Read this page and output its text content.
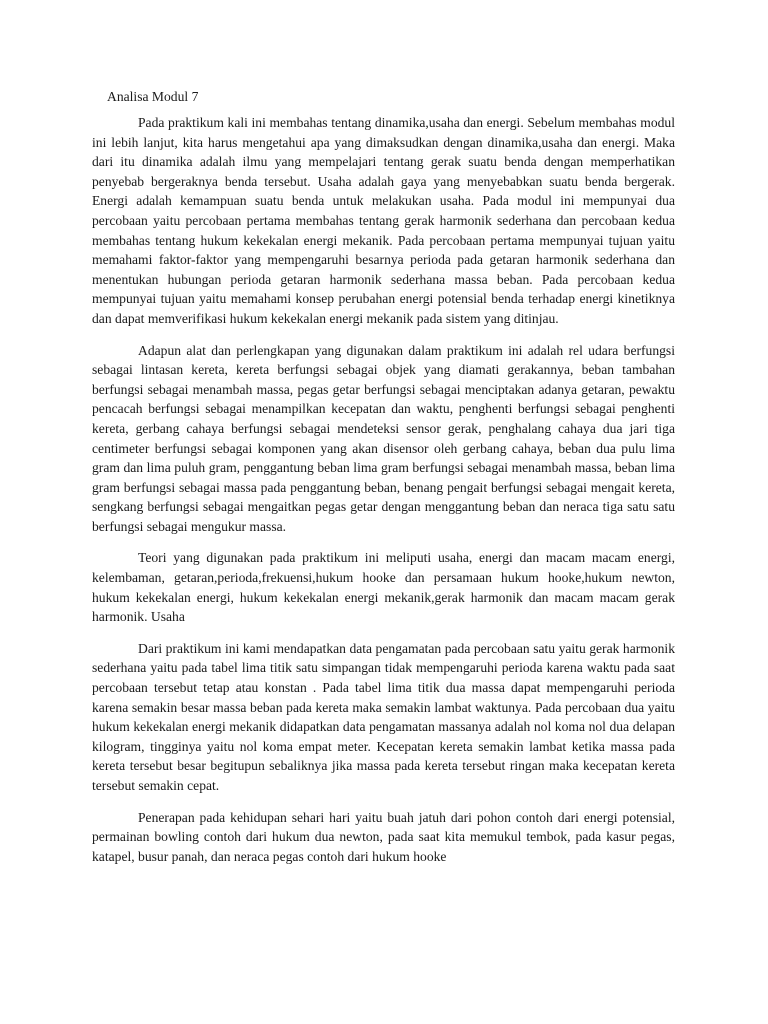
Analisa Modul 7

Pada praktikum kali ini membahas tentang dinamika,usaha dan energi. Sebelum membahas modul ini lebih lanjut, kita harus mengetahui apa yang dimaksudkan dengan dinamika,usaha dan energi. Maka dari itu dinamika adalah ilmu yang mempelajari tentang gerak suatu benda dengan memperhatikan penyebab bergeraknya benda tersebut. Usaha adalah gaya yang menyebabkan suatu benda bergerak. Energi adalah kemampuan suatu benda untuk melakukan usaha. Pada modul ini mempunyai dua percobaan yaitu percobaan pertama membahas tentang gerak harmonik sederhana dan percobaan kedua membahas tentang hukum kekekalan energi mekanik. Pada percobaan pertama mempunyai tujuan yaitu memahami faktor-faktor yang mempengaruhi besarnya perioda pada getaran harmonik sederhana dan menentukan hubungan perioda getaran harmonik sederhana massa beban. Pada percobaan kedua mempunyai tujuan yaitu memahami konsep perubahan energi potensial benda terhadap energi kinetiknya dan dapat memverifikasi hukum kekekalan energi mekanik pada sistem yang ditinjau.

Adapun alat dan perlengkapan yang digunakan dalam praktikum ini adalah rel udara berfungsi sebagai lintasan kereta, kereta berfungsi sebagai objek yang diamati gerakannya, beban tambahan berfungsi sebagai menambah massa, pegas getar berfungsi sebagai menciptakan adanya getaran, pewaktu pencacah berfungsi sebagai menampilkan kecepatan dan waktu, penghenti berfungsi sebagai penghenti kereta, gerbang cahaya berfungsi sebagai mendeteksi sensor gerak, penghalang cahaya dua jari tiga centimeter berfungsi sebagai komponen yang akan disensor oleh gerbang cahaya, beban dua pulu lima gram dan lima puluh gram, penggantung beban lima gram berfungsi sebagai menambah massa, beban lima gram berfungsi sebagai massa pada penggantung beban, benang pengait berfungsi sebagai mengait kereta, sengkang berfungsi sebagai mengaitkan pegas getar dengan menggantung beban dan neraca tiga satu satu berfungsi sebagai mengukur massa.

Teori yang digunakan pada praktikum ini meliputi usaha, energi dan macam macam energi, kelembaman, getaran,perioda,frekuensi,hukum hooke dan persamaan hukum hooke,hukum newton, hukum kekekalan energi, hukum kekekalan energi mekanik,gerak harmonik dan macam macam gerak harmonik. Usaha

Dari praktikum ini kami mendapatkan data pengamatan pada percobaan satu yaitu gerak harmonik sederhana yaitu pada tabel lima titik satu simpangan tidak mempengaruhi perioda karena waktu pada saat percobaan tersebut tetap atau konstan . Pada tabel lima titik dua massa dapat mempengaruhi perioda karena semakin besar massa beban pada kereta maka semakin lambat waktunya. Pada percobaan dua yaitu hukum kekekalan energi mekanik didapatkan data pengamatan massanya adalah nol koma nol dua delapan kilogram, tingginya yaitu nol koma empat meter. Kecepatan kereta semakin lambat ketika massa pada kereta tersebut besar begitupun sebaliknya jika massa pada kereta tersebut ringan maka kecepatan kereta tersebut semakin cepat.

Penerapan pada kehidupan sehari hari yaitu buah jatuh dari pohon contoh dari energi potensial, permainan bowling contoh dari hukum dua newton, pada saat kita memukul tembok, pada kasur pegas, katapel, busur panah, dan neraca pegas contoh dari hukum hooke
